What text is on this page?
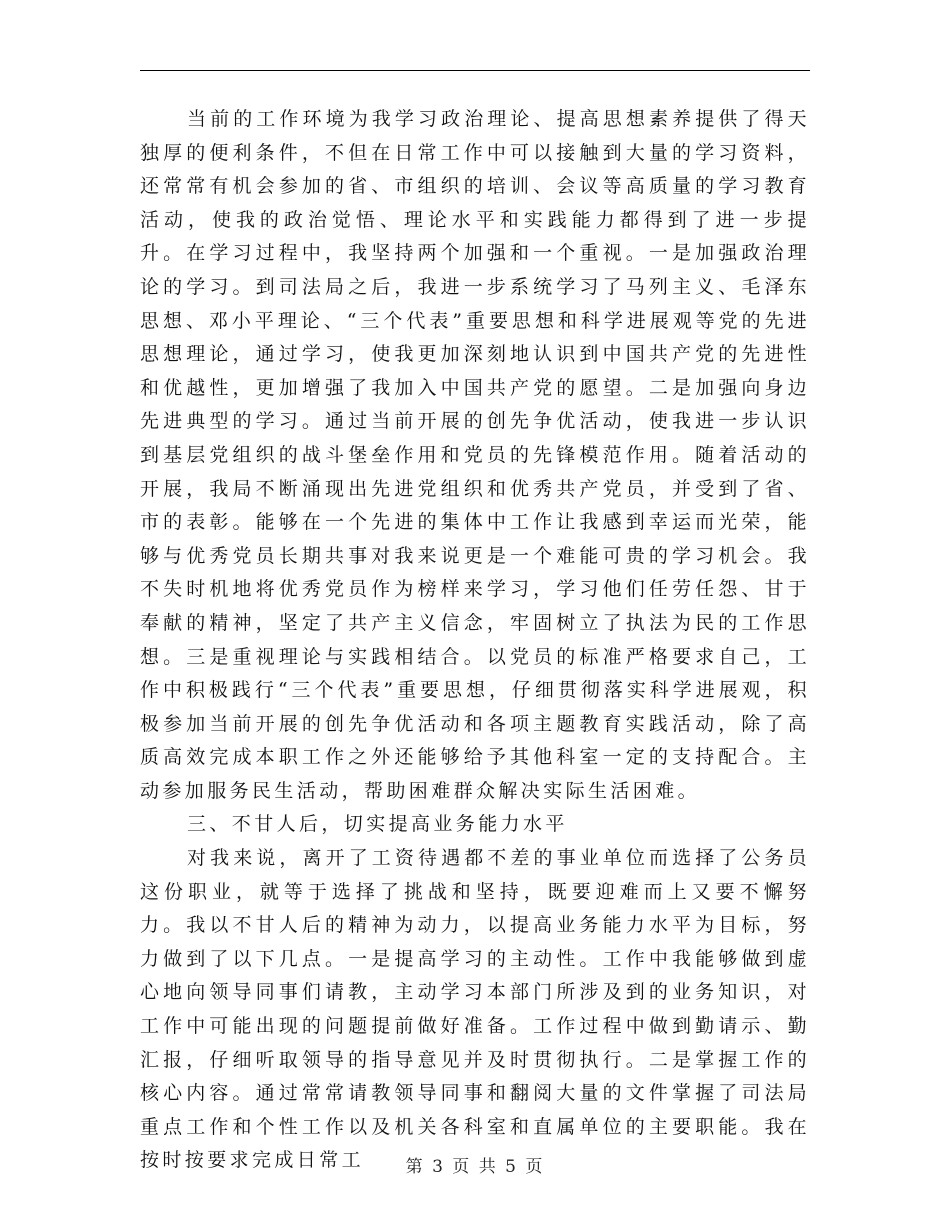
当前的工作环境为我学习政治理论、提高思想素养提供了得天独厚的便利条件，不但在日常工作中可以接触到大量的学习资料，还常常有机会参加的省、市组织的培训、会议等高质量的学习教育活动，使我的政治觉悟、理论水平和实践能力都得到了进一步提升。在学习过程中，我坚持两个加强和一个重视。一是加强政治理论的学习。到司法局之后，我进一步系统学习了马列主义、毛泽东思想、邓小平理论、“三个代表”重要思想和科学进展观等党的先进思想理论，通过学习，使我更加深刻地认识到中国共产党的先进性和优越性，更加增强了我加入中国共产党的愿望。二是加强向身边先进典型的学习。通过当前开展的创先争优活动，使我进一步认识到基层党组织的战斗堡垒作用和党员的先锋模范作用。随着活动的开展，我局不断涌现出先进党组织和优秀共产党员，并受到了省、市的表彰。能够在一个先进的集体中工作让我感到幸运而光荣，能够与优秀党员长期共事对我来说更是一个难能可贵的学习机会。我不失时机地将优秀党员作为榜样来学习，学习他们任劳任怨、甘于奉献的精神，坚定了共产主义信念，牢固树立了执法为民的工作思想。三是重视理论与实践相结合。以党员的标准严格要求自己，工作中积极践行“三个代表”重要思想，仔细贯彻落实科学进展观，积极参加当前开展的创先争优活动和各项主题教育实践活动，除了高质高效完成本职工作之外还能够给予其他科室一定的支持配合。主动参加服务民生活动，帮助困难群众解决实际生活困难。

三、不甘人后，切实提高业务能力水平

对我来说，离开了工资待遇都不差的事业单位而选择了公务员这份职业，就等于选择了挑战和坚持，既要迎难而上又要不懈努力。我以不甘人后的精神为动力，以提高业务能力水平为目标，努力做到了以下几点。一是提高学习的主动性。工作中我能够做到虚心地向领导同事们请教，主动学习本部门所涉及到的业务知识，对工作中可能出现的问题提前做好准备。工作过程中做到勤请示、勤汇报，仔细听取领导的指导意见并及时贯彻执行。二是掌握工作的核心内容。通过常常请教领导同事和翻阅大量的文件掌握了司法局重点工作和个性工作以及机关各科室和直属单位的主要职能。我在按时按要求完成日常工	第 3 页 共 5 页
